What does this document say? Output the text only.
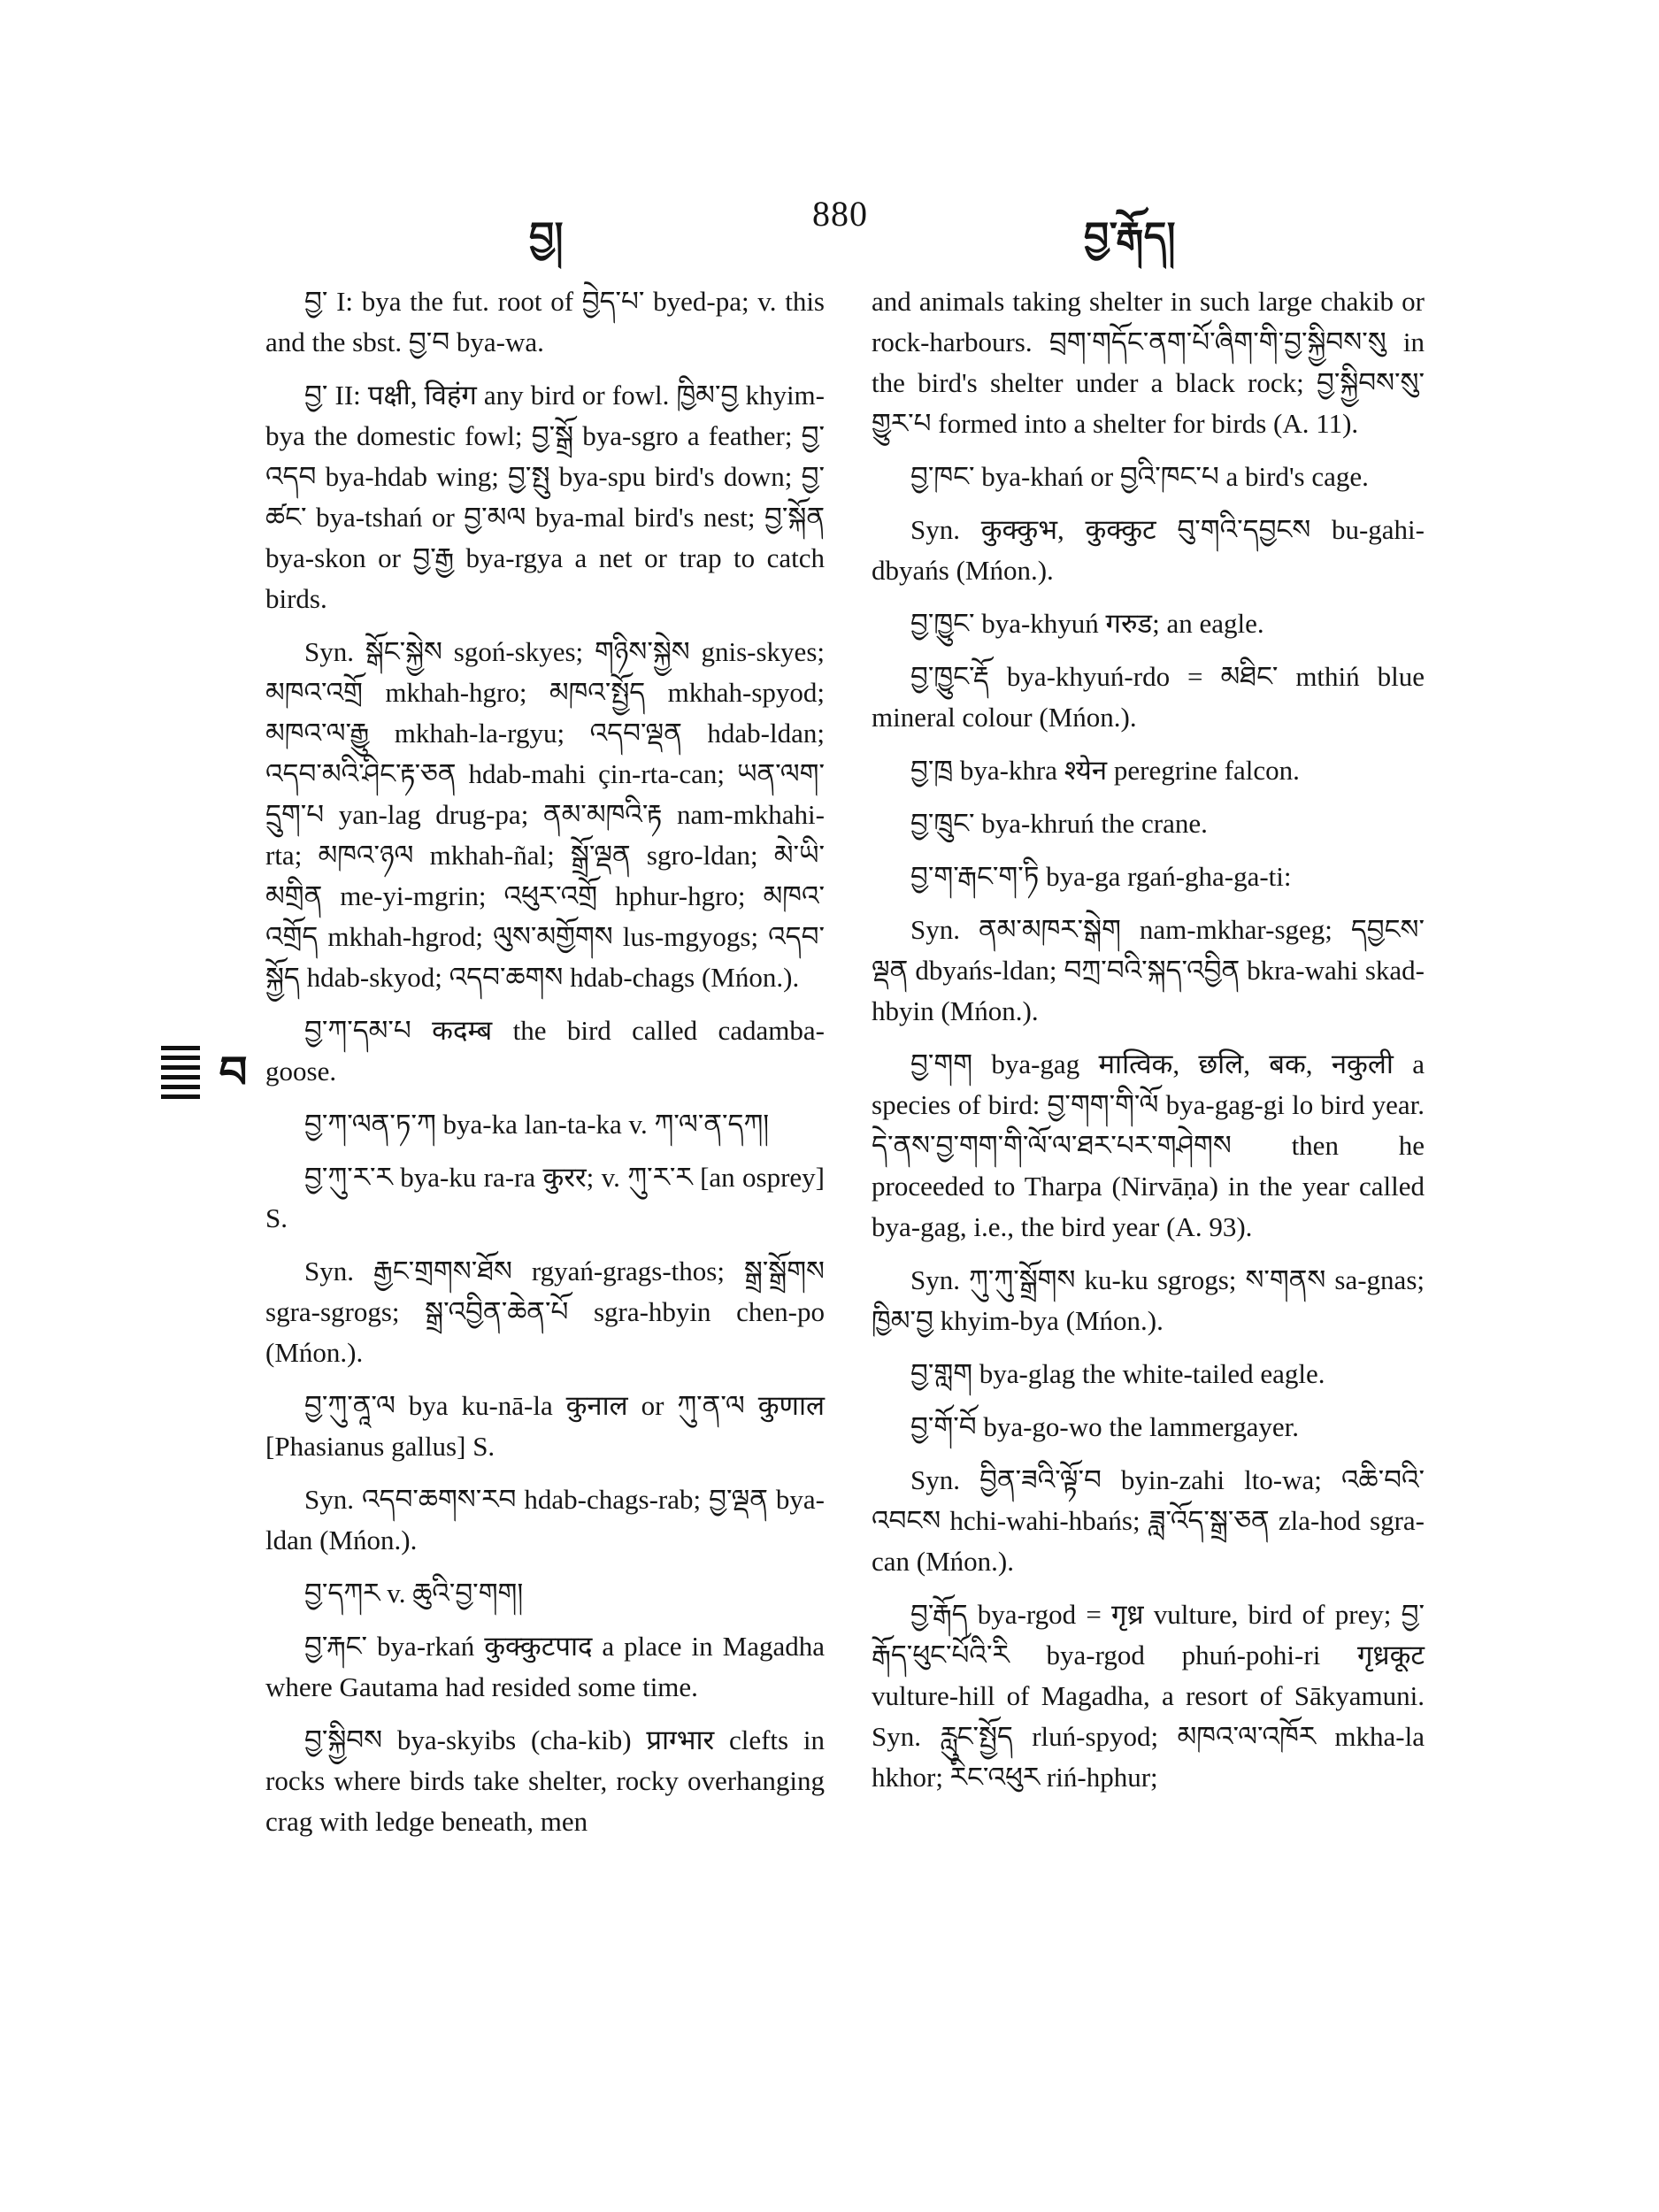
བྱ།
880
བྱ་རྒོད།
བ

བྱ་ I: bya the fut. root of བྱེད་པ་ byed-pa; v. this and the sbst. བྱ་བ bya-wa.

བྱ་ II: पक्षी, विहंग any bird or fowl. ཁྱིམ་བྱ khyim-bya the domestic fowl; བྱ་སྒྲོ bya-sgro a feather; བྱ་འདབ bya-hdab wing; བྱ་སྤུ bya-spu bird's down; བྱ་ཚང་ bya-tshań or བྱ་མལ bya-mal bird's nest; བྱ་སྐོན bya-skon or བྱ་རྒྱ bya-rgya a net or trap to catch birds.

Syn. སྒོང་སྐྱེས sgoń-skyes; གཉིས་སྐྱེས gnis-skyes; མཁའ་འགྲོ mkhah-hgro; མཁའ་སྤྱོད mkhah-spyod; མཁའ་ལ་རྒྱུ mkhah-la-rgyu; འདབ་ལྡན hdab-ldan; འདབ་མའི་ཤིང་རྟ་ཅན hdab-mahi çin-rta-can; ཡན་ལག་དྲུག་པ yan-lag drug-pa; ནམ་མཁའི་རྟ nam-mkhahi-rta; མཁའ་ཉལ mkhah-ñal; སྒྲོ་ལྡན sgro-ldan; མེ་ཡི་མགྲིན me-yi-mgrin; འཕུར་འགྲོ hphur-hgro; མཁའ་འགྲོད mkhah-hgrod; ལུས་མགྱོགས lus-mgyogs; འདབ་སྐྱོད hdab-skyod; འདབ་ཆགས hdab-chags (Mńon.).

བྱ་ཀ་དམ་པ कदम्ब the bird called cadamba-goose.

བྱ་ཀ་ལན་ཏ་ཀ bya-ka lan-ta-ka v. ཀ་ལ་ན་དཀ།

བྱ་ཀུ་ར་ར bya-ku ra-ra कुरर; v. ཀུ་ར་ར [an osprey] S.

Syn. རྒྱང་གྲགས་ཐོས rgyań-grags-thos; སྒྲ་སྒྲོགས sgra-sgrogs; སྒྲ་འབྱིན་ཆེན་པོ sgra-hbyin chen-po (Mńon.).

བྱ་ཀུ་ནཱ་ལ bya ku-nā-la कुनाल or ཀུ་ན་ལ कुणाल [Phasianus gallus] S.

Syn. འདབ་ཆགས་རབ hdab-chags-rab; བྱ་ལྡན bya-ldan (Mńon.).

བྱ་དཀར v. ཆུའི་བྱ་གག།

བྱ་རྐང་ bya-rkań कुक्कुटपाद a place in Magadha where Gautama had resided some time.

བྱ་སྐྱིབས bya-skyibs (cha-kib) प्राग्भार clefts in rocks where birds take shelter, rocky overhanging crag with ledge beneath, men

and animals taking shelter in such large chakib or rock-harbours. བྲག་གདོང་ནག་པོ་ཞིག་གི་བྱ་སྐྱིབས་སུ in the bird's shelter under a black rock; བྱ་སྐྱིབས་སུ་གྱུར་པ formed into a shelter for birds (A. 11).

བྱ་ཁང་ bya-khań or བྱའི་ཁང་པ a bird's cage.

Syn. कुक्कुभ, कुक्कुट བུ་གའི་དབྱངས bu-gahi-dbyańs (Mńon.).

བྱ་ཁྱུང་ bya-khyuń गरुड; an eagle.

བྱ་ཁྱུང་རྡོ bya-khyuń-rdo = མཐིང་ mthiń blue mineral colour (Mńon.).

བྱ་ཁྲ bya-khra श्येन peregrine falcon.

བྱ་ཁྲུང་ bya-khruń the crane.

བྱ་ག་རྒང་ག་ཏི bya-ga rgań-gha-ga-ti:

Syn. ནམ་མཁར་སྒེག nam-mkhar-sgeg; དབྱངས་ལྡན dbyańs-ldan; བཀྲ་བའི་སྐད་འབྱིན bkra-wahi skad-hbyin (Mńon.).

བྱ་གག bya-gag मात्विक, छलि, बक, नकुली a species of bird: བྱ་གག་གི་ལོ bya-gag-gi lo bird year. དེ་ནས་བྱ་གག་གི་ལོ་ལ་ཐར་པར་གཤེགས then he proceeded to Tharpa (Nirvāṇa) in the year called bya-gag, i.e., the bird year (A. 93).

Syn. ཀུ་ཀུ་སྒྲོགས ku-ku sgrogs; ས་གནས sa-gnas; ཁྱིམ་བྱ khyim-bya (Mńon.).

བྱ་གླག bya-glag the white-tailed eagle.

བྱ་གོ་བོ bya-go-wo the lammergayer.

Syn. བྱིན་ཟའི་ལྟོ་བ byin-zahi lto-wa; འཆི་བའི་འབངས hchi-wahi-hbańs; ཟླ་འོད་སྒྲ་ཅན zla-hod sgra-can (Mńon.).

བྱ་རྒོད bya-rgod = गृध्र vulture, bird of prey; བྱ་རྒོད་ཕུང་པོའི་རི bya-rgod phuń-pohi-ri गृध्रकूट vulture-hill of Magadha, a resort of Sākyamuni. Syn. རླུང་སྤྱོད rluń-spyod; མཁའ་ལ་འཁོར mkha-la hkhor; རིང་འཕུར riń-hphur;
